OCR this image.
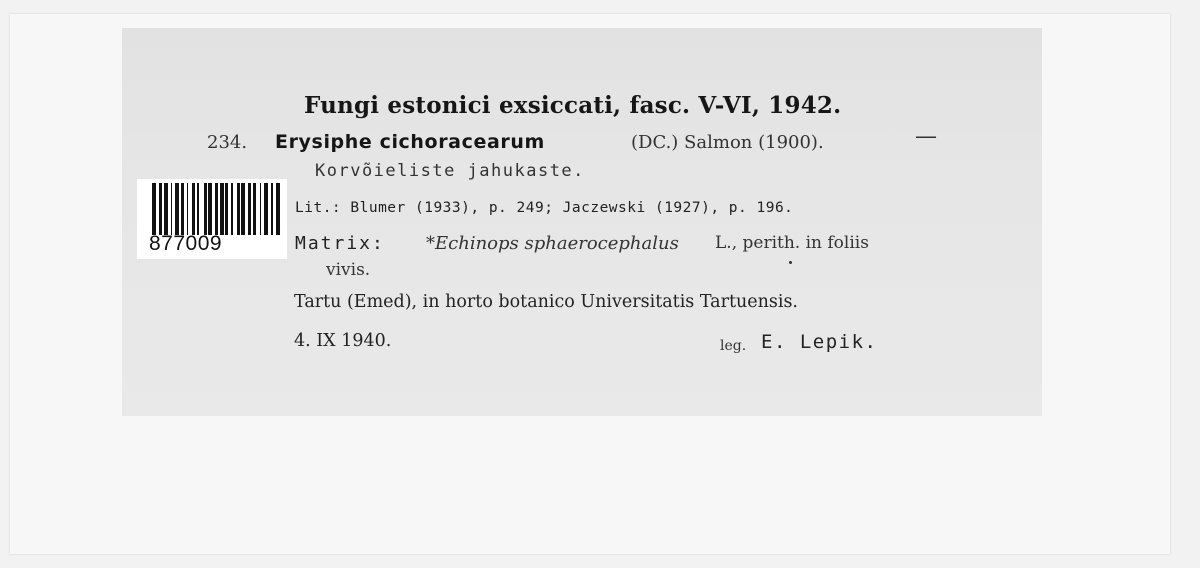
Fungi estonici exsiccati, fasc. V-VI, 1942.
234. Erysiphe cichoracearum	(DC.) Salmon (1900).	—
Korvõieliste jahukaste.
Lit.: Blumer (1933), p. 249; Jaczewski (1927), p. 196.
Matrix: *Echinops sphaerocephalus L., perith. in foliis
vivis.
Tartu (Emed), in horto botanico Universitatis Tartuensis.
4. IX 1940.	leg. E. Lepik.
877009
